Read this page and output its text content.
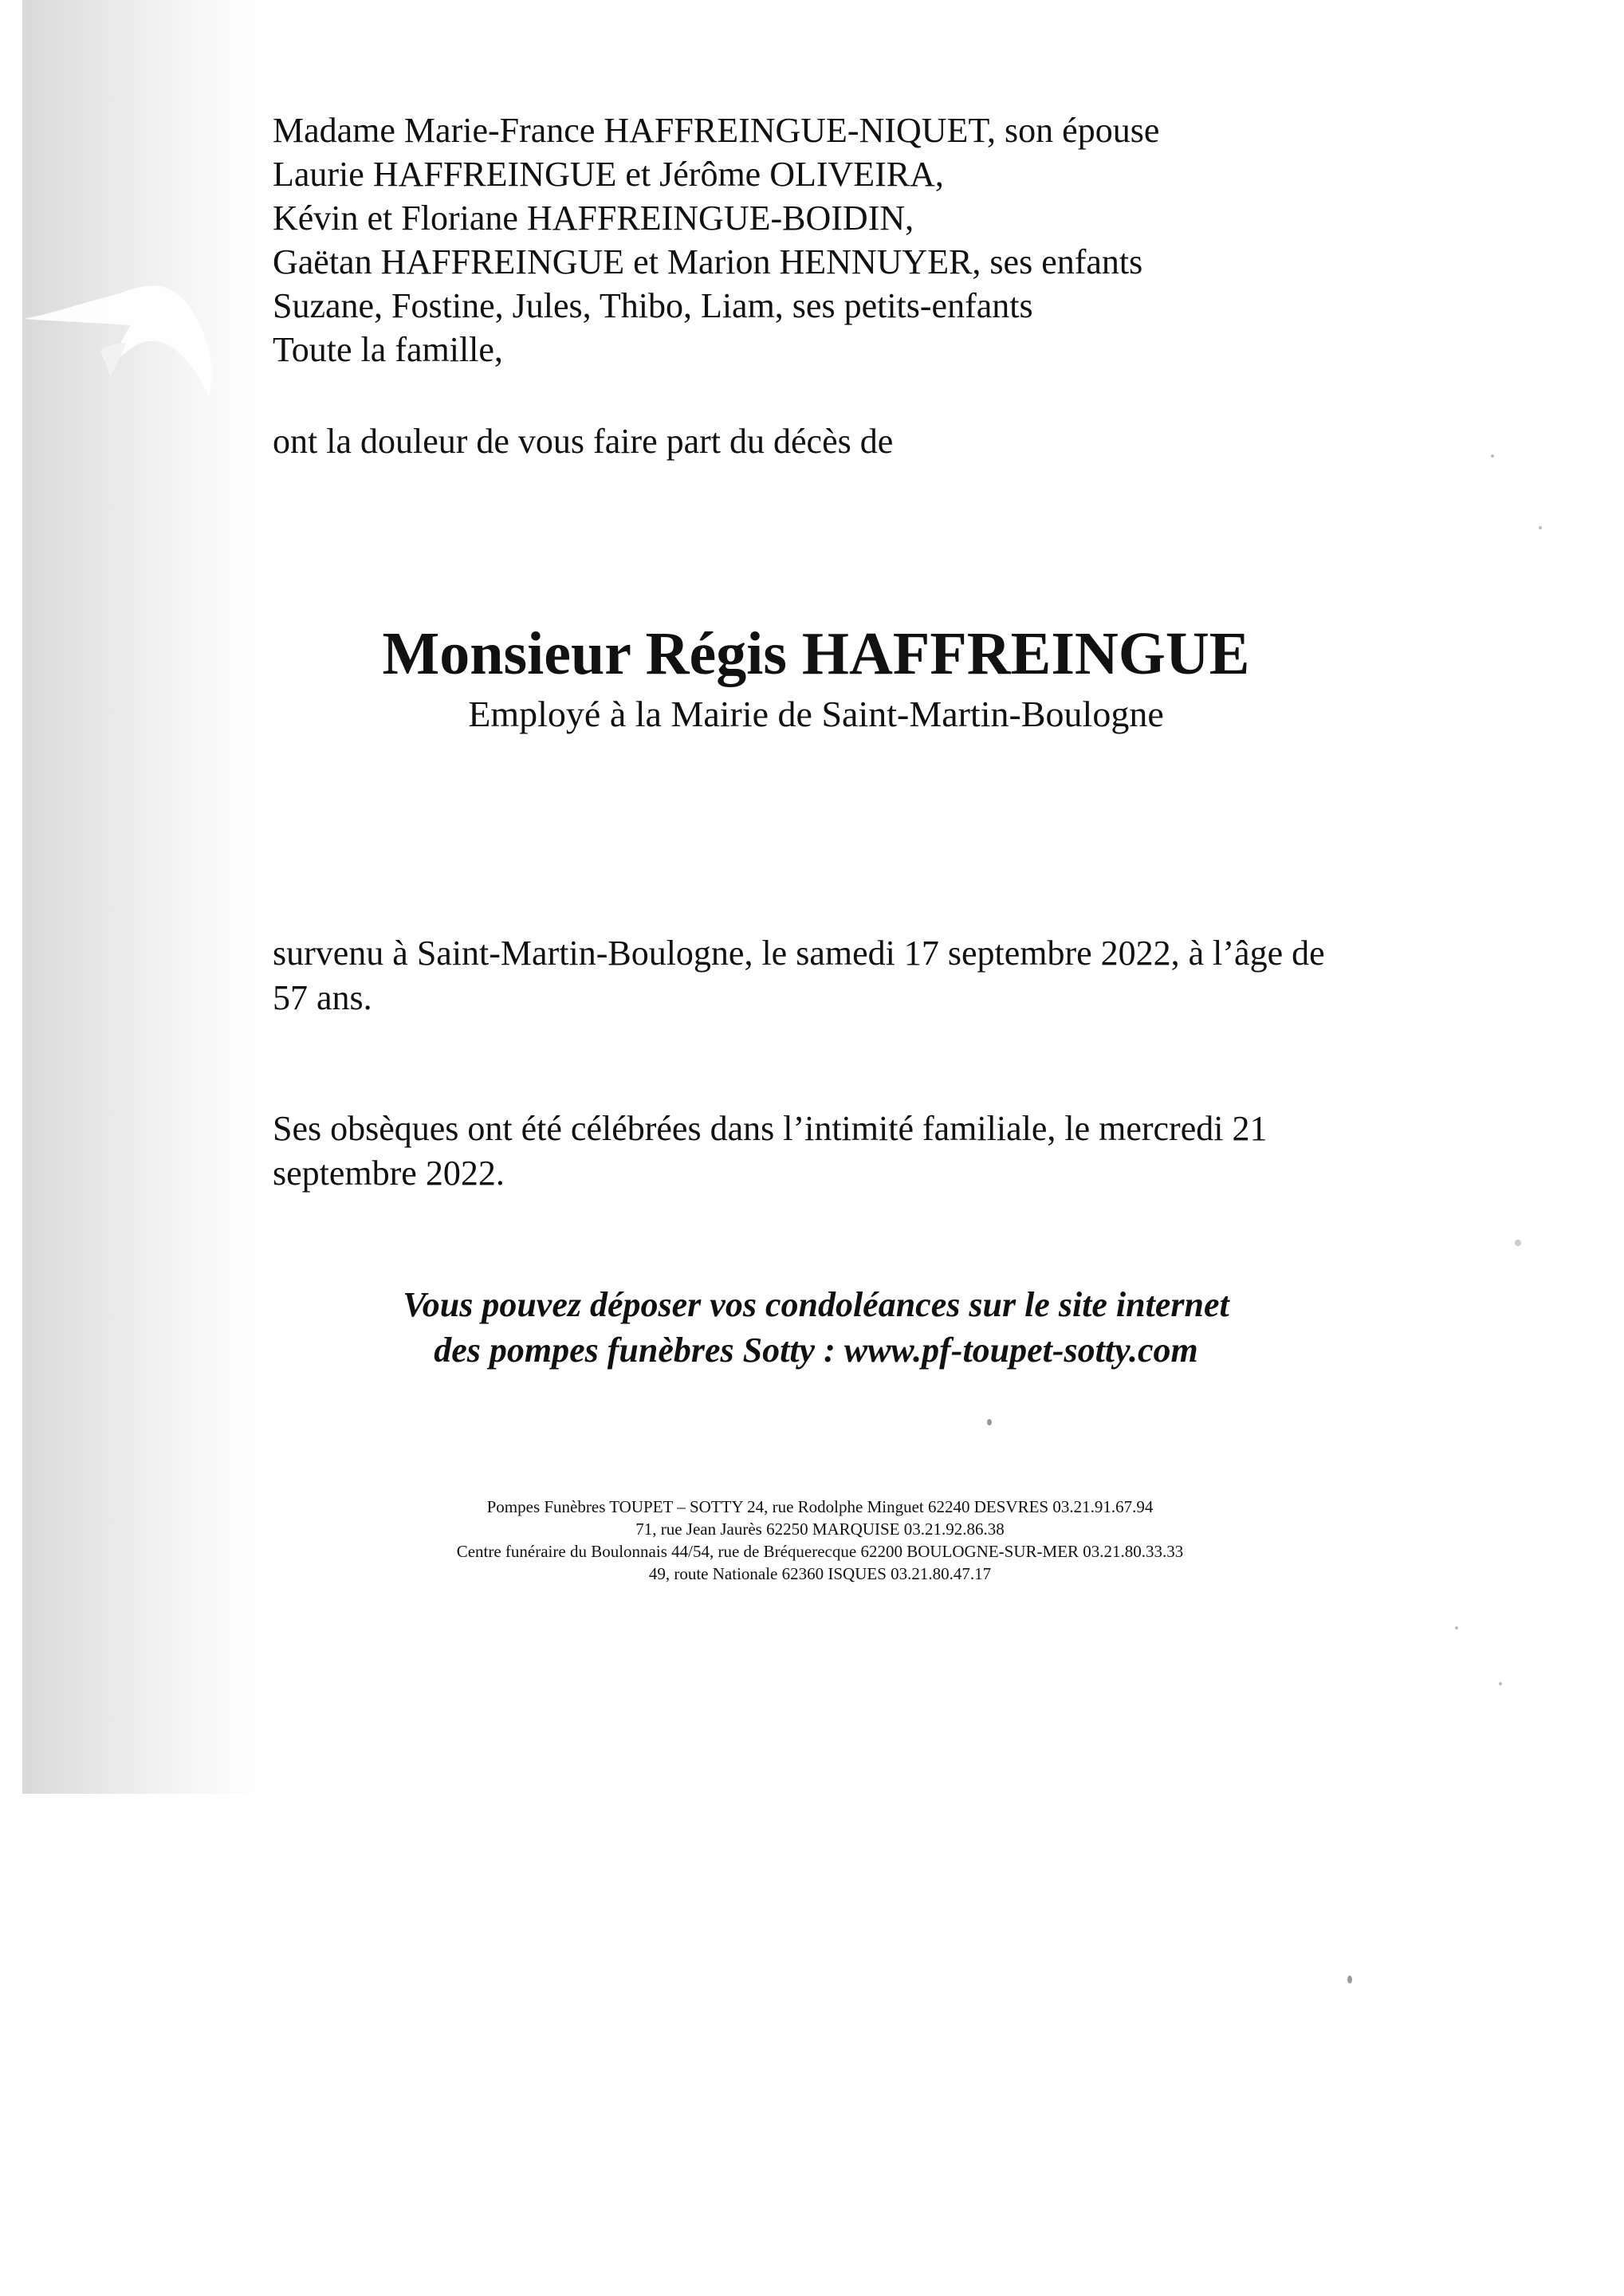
Madame Marie-France HAFFREINGUE-NIQUET, son épouse
Laurie HAFFREINGUE et Jérôme OLIVEIRA,
Kévin et Floriane HAFFREINGUE-BOIDIN,
Gaëtan HAFFREINGUE et Marion HENNUYER, ses enfants
Suzane, Fostine, Jules, Thibo, Liam, ses petits-enfants
Toute la famille,
ont la douleur de vous faire part du décès de
Monsieur Régis HAFFREINGUE
Employé à la Mairie de Saint-Martin-Boulogne
survenu à Saint-Martin-Boulogne, le samedi 17 septembre 2022, à l’âge de 57 ans.
Ses obsèques ont été célébrées dans l’intimité familiale, le mercredi 21 septembre 2022.
Vous pouvez déposer vos condoléances sur le site internet
des pompes funèbres Sotty : www.pf-toupet-sotty.com
Pompes Funèbres TOUPET – SOTTY 24, rue Rodolphe Minguet 62240 DESVRES 03.21.91.67.94
71, rue Jean Jaurès 62250 MARQUISE 03.21.92.86.38
Centre funéraire du Boulonnais 44/54, rue de Bréquerecque 62200 BOULOGNE-SUR-MER 03.21.80.33.33
49, route Nationale 62360 ISQUES 03.21.80.47.17
